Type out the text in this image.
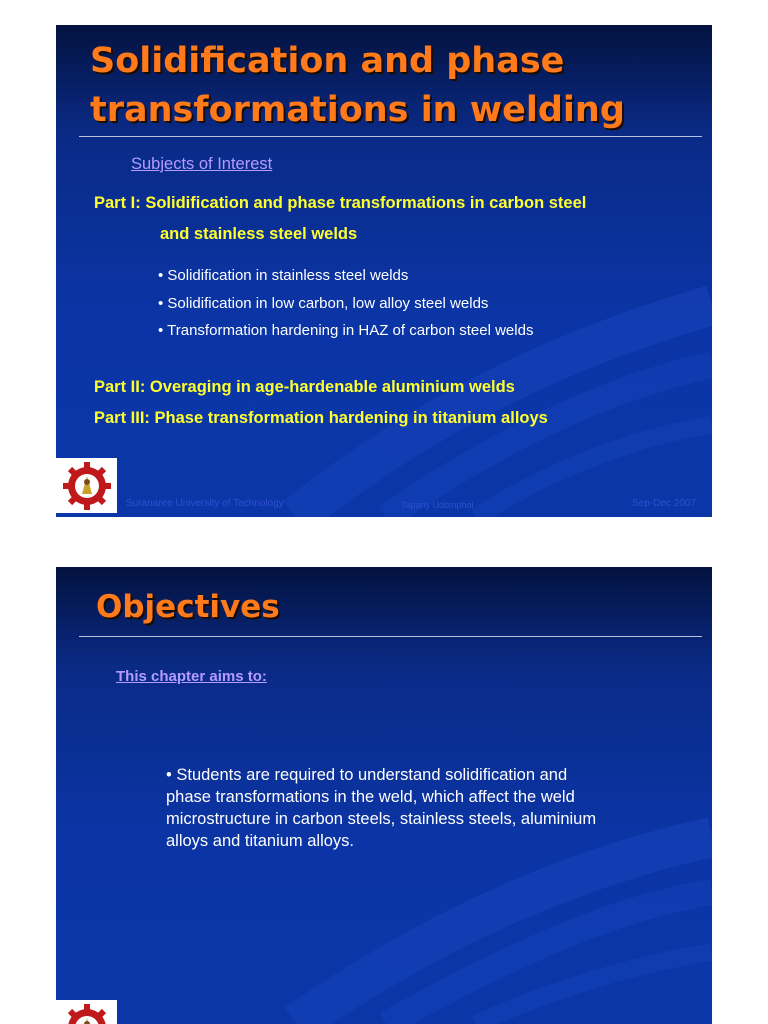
Solidification and phase
transformations in welding
Subjects of Interest
Part I: Solidification and phase transformations in carbon steel
and stainless steel welds
• Solidification in stainless steel welds
• Solidification in low carbon, low alloy steel welds
• Transformation hardening in HAZ of carbon steel welds
Part II: Overaging in age-hardenable aluminium welds
Part III: Phase transformation hardening in titanium alloys
Suranaree University of Technology	Tapany Udomphol	Sep-Dec 2007
Objectives
This chapter aims to:
• Students are required to understand solidification and
phase transformations in the weld, which affect the weld
microstructure in carbon steels, stainless steels, aluminium
alloys and titanium alloys.
